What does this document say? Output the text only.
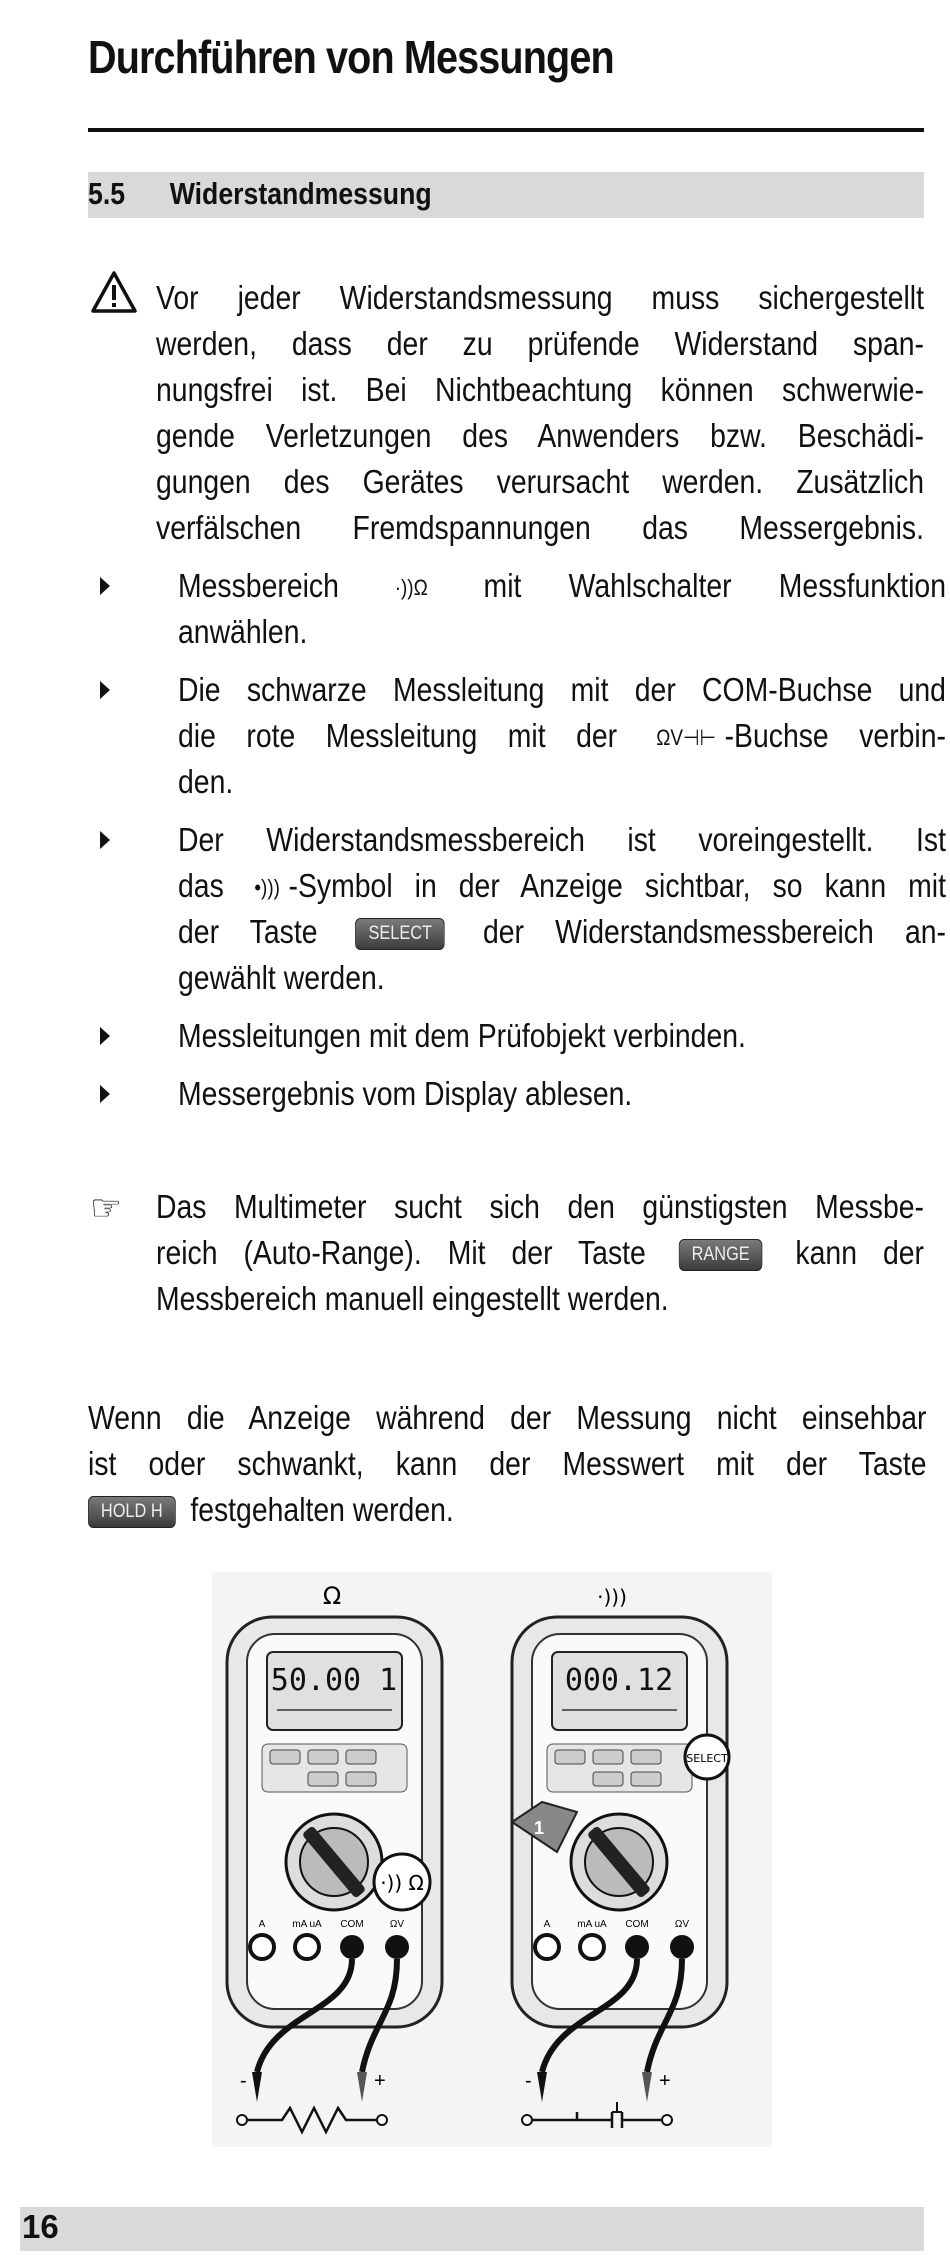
Durchführen von Messungen
5.5 Widerstandmessung
Vor jeder Widerstandsmessung muss sichergestellt
werden, dass der zu prüfende Widerstand span-
nungsfrei ist. Bei Nichtbeachtung können schwerwie-
gende Verletzungen des Anwenders bzw. Beschädi-
gungen des Gerätes verursacht werden. Zusätzlich
verfälschen Fremdspannungen das Messergebnis.
Messbereich	·))Ω mit Wahlschalter Messfunktion
anwählen.
Die schwarze Messleitung mit der COM-Buchse und
die rote Messleitung mit der ΩV⊣⊢ -Buchse verbin-
den.
Der Widerstandsmessbereich ist voreingestellt. Ist
das •))) -Symbol in der Anzeige sichtbar, so kann mit
der Taste	SELECT der Widerstandsmessbereich an-
gewählt werden.
Messleitungen mit dem Prüfobjekt verbinden.
Messergebnis vom Display ablesen.
☞ Das Multimeter sucht sich den günstigsten Messbe-
reich (Auto-Range). Mit der Taste RANGE kann der
Messbereich manuell eingestellt werden.
Wenn die Anzeige während der Messung nicht einsehbar
ist oder schwankt, kann der Messwert mit der Taste
HOLD H festgehalten werden.
Ω	·)))
50.00 1
A	mA uA COM	ΩV
·)) Ω
-	+
000.12
SELECT
1
A	mA uA COM	ΩV
-	+
16
